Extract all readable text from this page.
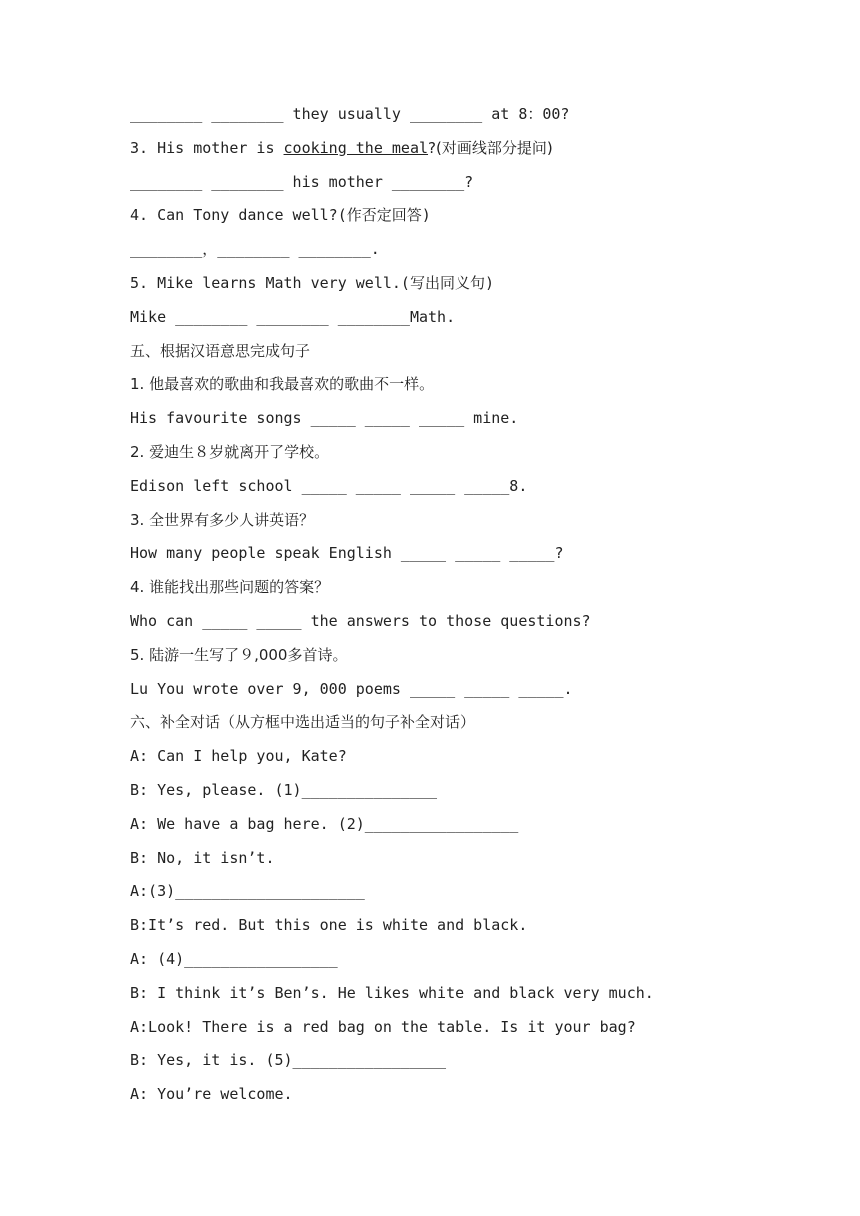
________ ________ they usually ________ at 8：00?
3. His mother is cooking the meal?(对画线部分提问)
________ ________ his mother ________?
4. Can Tony dance well?(作否定回答)
________，________ ________.
5. Mike learns Math very well.(写出同义句)
Mike ________ ________ ________Math.
五、根据汉语意思完成句子
1. 他最喜欢的歌曲和我最喜欢的歌曲不一样。
His favourite songs _____ _____ _____ mine.
2. 爱迪生８岁就离开了学校。
Edison left school _____ _____ _____ _____8.
3. 全世界有多少人讲英语？
How many people speak English _____ _____ _____?
4. 谁能找出那些问题的答案？
Who can _____ _____ the answers to those questions?
5. 陆游一生写了９,000多首诗。
Lu You wrote over 9, 000 poems _____ _____ _____.
六、补全对话（从方框中选出适当的句子补全对话）
A: Can I help you, Kate?
B: Yes, please. (1)_______________
A: We have a bag here. (2)_________________
B: No, it isn’t.
A:(3)_____________________
B:It’s red. But this one is white and black.
A: (4)_________________
B: I think it’s Ben’s. He likes white and black very much.
A:Look! There is a red bag on the table. Is it your bag?
B: Yes, it is. (5)_________________
A: You’re welcome.
